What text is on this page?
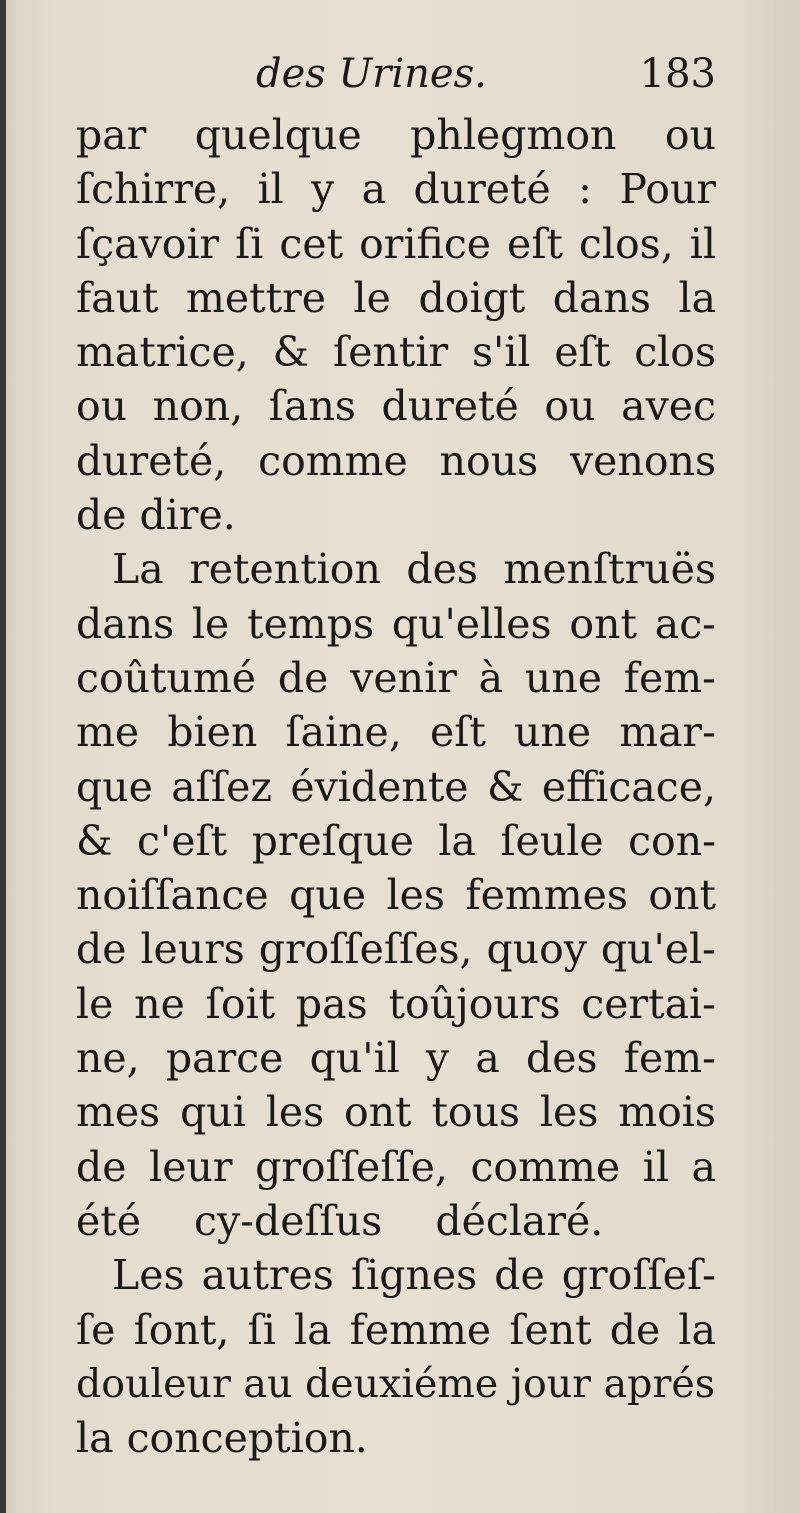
des Urines.	183
par quelque phlegmon ou
ſchirre, il y a dureté : Pour
ſçavoir ſi cet orifice eſt clos, il
faut mettre le doigt dans la
matrice, & ſentir s'il eſt clos
ou non, ſans dureté ou avec
dureté, comme nous venons
de dire.
La retention des menſtruës
dans le temps qu'elles ont ac-
coûtumé de venir à une fem-
me bien ſaine, eſt une mar-
que aſſez évidente & efficace,
& c'eſt preſque la ſeule con-
noiſſance que les femmes ont
de leurs groſſeſſes, quoy qu'el-
le ne ſoit pas toûjours certai-
ne, parce qu'il y a des fem-
mes qui les ont tous les mois
de leur groſſeſſe, comme il a
été cy-deſſus déclaré.
Les autres ſignes de groſſeſ-
ſe ſont, ſi la femme ſent de la
douleur au deuxiéme jour aprés
la conception.
